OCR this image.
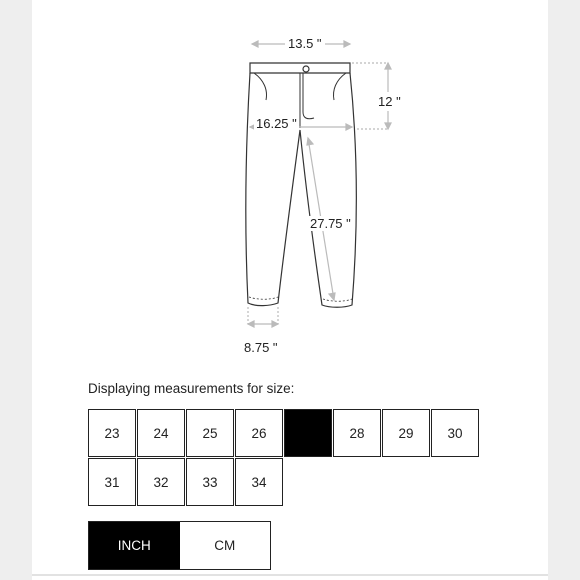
13.5 "
12 "
16.25 "
27.75 "
8.75 "
Displaying measurements for size:
23	24	25	26	27	28	29	30
31	32	33	34
INCH	CM
